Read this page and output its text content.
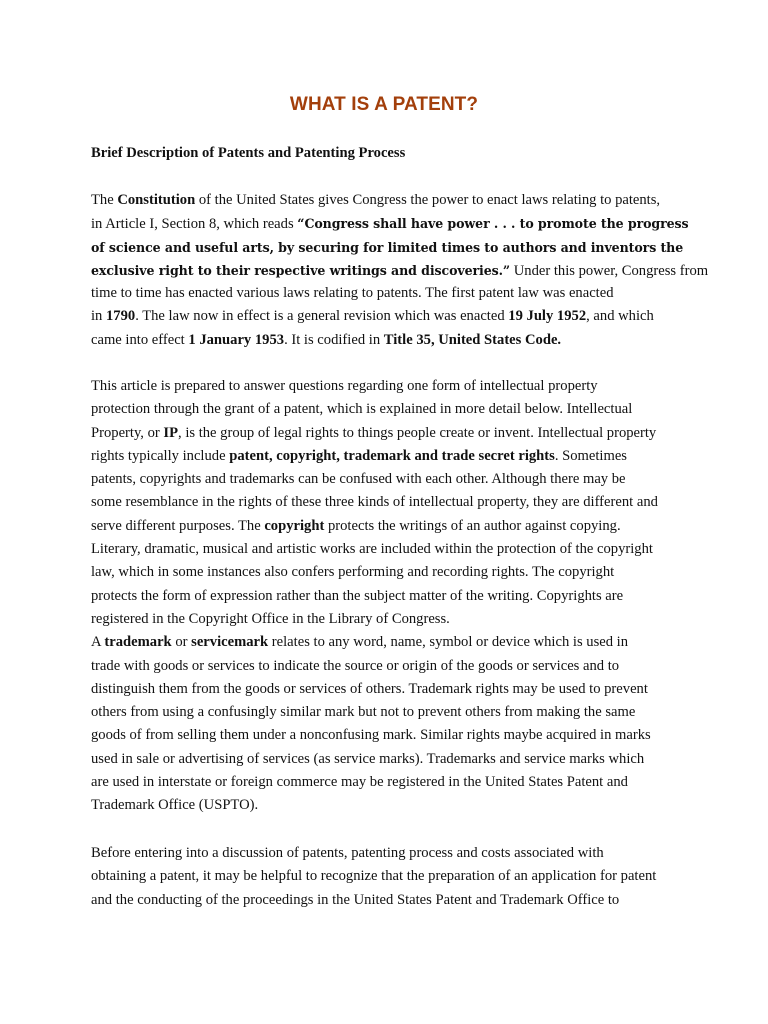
WHAT IS A PATENT?
Brief Description of Patents and Patenting Process
The Constitution of the United States gives Congress the power to enact laws relating to patents,
in Article I, Section 8, which reads “Congress shall have power . . . to promote the progress
of science and useful arts, by securing for limited times to authors and inventors the
exclusive right to their respective writings and discoveries.” Under this power, Congress from
time to time has enacted various laws relating to patents. The first patent law was enacted
in 1790. The law now in effect is a general revision which was enacted 19 July 1952, and which
came into effect 1 January 1953. It is codified in Title 35, United States Code.
This article is prepared to answer questions regarding one form of intellectual property
protection through the grant of a patent, which is explained in more detail below. Intellectual
Property, or IP, is the group of legal rights to things people create or invent. Intellectual property
rights typically include patent, copyright, trademark and trade secret rights. Sometimes
patents, copyrights and trademarks can be confused with each other. Although there may be
some resemblance in the rights of these three kinds of intellectual property, they are different and
serve different purposes. The copyright protects the writings of an author against copying.
Literary, dramatic, musical and artistic works are included within the protection of the copyright
law, which in some instances also confers performing and recording rights. The copyright
protects the form of expression rather than the subject matter of the writing. Copyrights are
registered in the Copyright Office in the Library of Congress.
A trademark or servicemark relates to any word, name, symbol or device which is used in
trade with goods or services to indicate the source or origin of the goods or services and to
distinguish them from the goods or services of others. Trademark rights may be used to prevent
others from using a confusingly similar mark but not to prevent others from making the same
goods of from selling them under a nonconfusing mark. Similar rights maybe acquired in marks
used in sale or advertising of services (as service marks). Trademarks and service marks which
are used in interstate or foreign commerce may be registered in the United States Patent and
Trademark Office (USPTO).
Before entering into a discussion of patents, patenting process and costs associated with
obtaining a patent, it may be helpful to recognize that the preparation of an application for patent
and the conducting of the proceedings in the United States Patent and Trademark Office to
